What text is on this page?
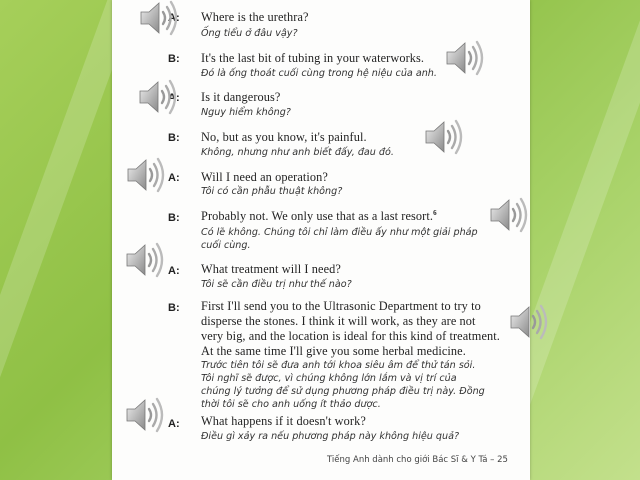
A: Where is the urethra?
Ống tiểu ở đâu vậy?
B: It's the last bit of tubing in your waterworks.
Đó là ống thoát cuối cùng trong hệ niệu của anh.
A: Is it dangerous?
Nguy hiểm không?
B: No, but as you know, it's painful.
Không, nhưng như anh biết đấy, đau đó.
A: Will I need an operation?
Tôi có cần phẫu thuật không?
B: Probably not. We only use that as a last resort.$^6$
Có lẽ không. Chúng tôi chỉ làm điều ấy như một giải pháp
cuối cùng.
A: What treatment will I need?
Tôi sẽ cần điều trị như thế nào?
B: First I'll send you to the Ultrasonic Department to try to
disperse the stones. I think it will work, as they are not
very big, and the location is ideal for this kind of treatment.
At the same time I'll give you some herbal medicine.
Trước tiên tôi sẽ đưa anh tới khoa siêu âm để thử tán sỏi.
Tôi nghĩ sẽ được, vì chúng không lớn lắm và vị trí của
chúng lý tưởng để sử dụng phương pháp điều trị này. Đồng
thời tôi sẽ cho anh uống ít thảo dược.
A: What happens if it doesn't work?
Điều gì xảy ra nếu phương pháp này không hiệu quả?
Tiếng Anh dành cho giới Bác Sĩ & Y Tá – 25
